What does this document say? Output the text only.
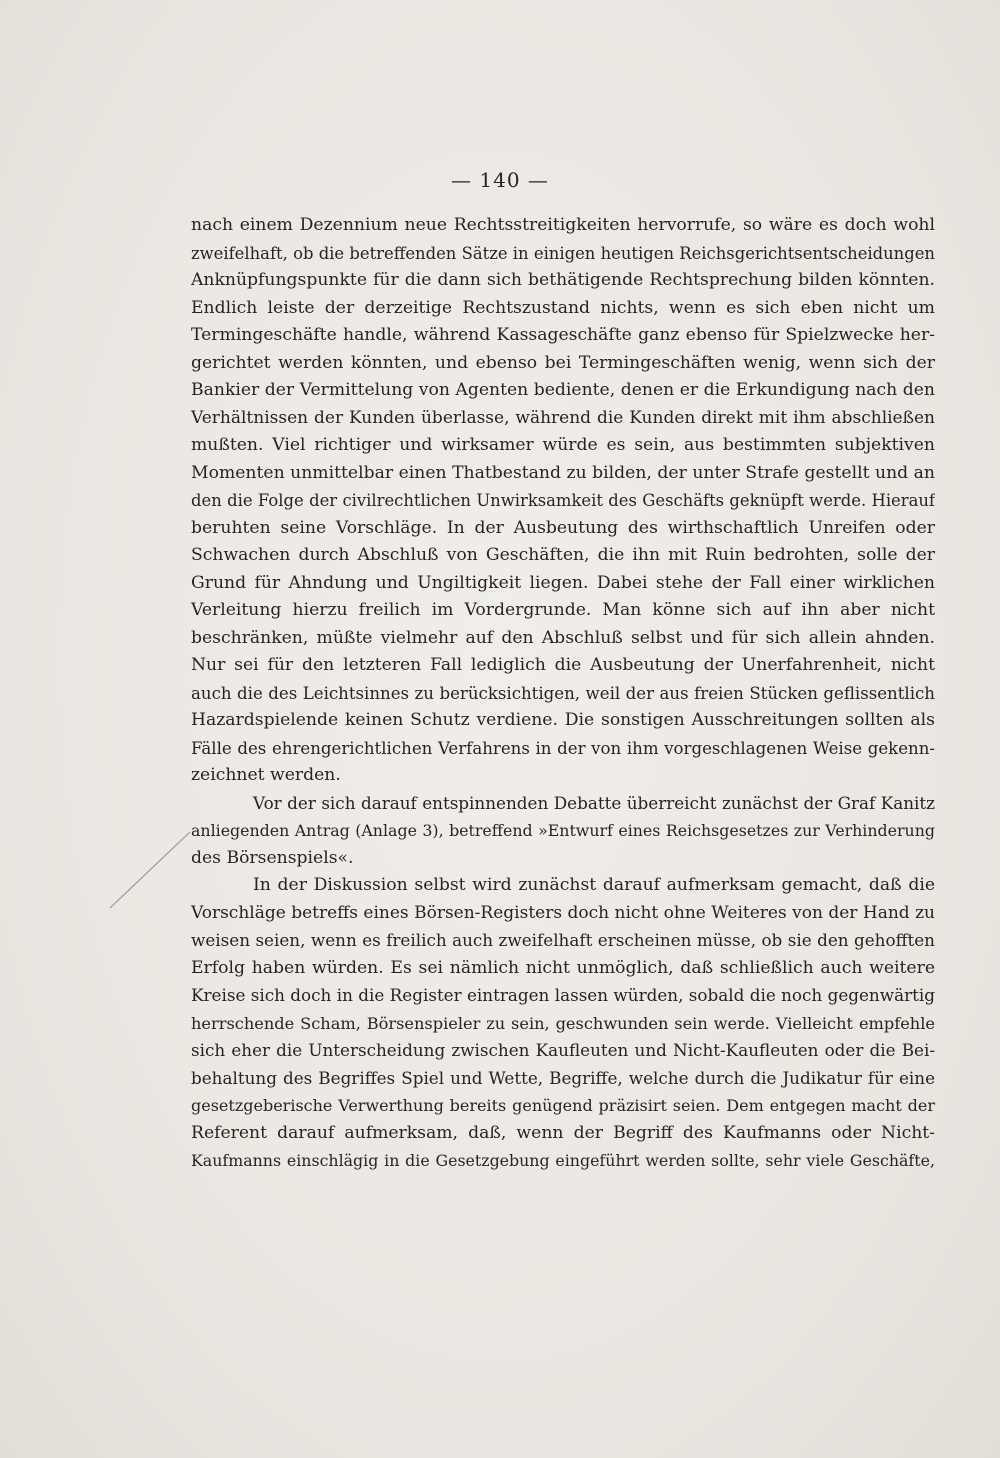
— 140 —
nach einem Dezennium neue Rechtsstreitigkeiten hervorrufe, so wäre es doch wohl
zweifelhaft, ob die betreffenden Sätze in einigen heutigen Reichsgerichtsentscheidungen
Anknüpfungspunkte für die dann sich bethätigende Rechtsprechung bilden könnten.
Endlich leiste der derzeitige Rechtszustand nichts, wenn es sich eben nicht um
Termingeschäfte handle, während Kassageschäfte ganz ebenso für Spielzwecke her-
gerichtet werden könnten, und ebenso bei Termingeschäften wenig, wenn sich der
Bankier der Vermittelung von Agenten bediente, denen er die Erkundigung nach den
Verhältnissen der Kunden überlasse, während die Kunden direkt mit ihm abschließen
mußten. Viel richtiger und wirksamer würde es sein, aus bestimmten subjektiven
Momenten unmittelbar einen Thatbestand zu bilden, der unter Strafe gestellt und an
den die Folge der civilrechtlichen Unwirksamkeit des Geschäfts geknüpft werde. Hierauf
beruhten seine Vorschläge. In der Ausbeutung des wirthschaftlich Unreifen oder
Schwachen durch Abschluß von Geschäften, die ihn mit Ruin bedrohten, solle der
Grund für Ahndung und Ungiltigkeit liegen. Dabei stehe der Fall einer wirklichen
Verleitung hierzu freilich im Vordergrunde. Man könne sich auf ihn aber nicht
beschränken, müßte vielmehr auf den Abschluß selbst und für sich allein ahnden.
Nur sei für den letzteren Fall lediglich die Ausbeutung der Unerfahrenheit, nicht
auch die des Leichtsinnes zu berücksichtigen, weil der aus freien Stücken geflissentlich
Hazardspielende keinen Schutz verdiene. Die sonstigen Ausschreitungen sollten als
Fälle des ehrengerichtlichen Verfahrens in der von ihm vorgeschlagenen Weise gekenn-
zeichnet werden.
Vor der sich darauf entspinnenden Debatte überreicht zunächst der Graf Kanitz
anliegenden Antrag (Anlage 3), betreffend »Entwurf eines Reichsgesetzes zur Verhinderung
des Börsenspiels«.
In der Diskussion selbst wird zunächst darauf aufmerksam gemacht, daß die
Vorschläge betreffs eines Börsen-Registers doch nicht ohne Weiteres von der Hand zu
weisen seien, wenn es freilich auch zweifelhaft erscheinen müsse, ob sie den gehofften
Erfolg haben würden. Es sei nämlich nicht unmöglich, daß schließlich auch weitere
Kreise sich doch in die Register eintragen lassen würden, sobald die noch gegenwärtig
herrschende Scham, Börsenspieler zu sein, geschwunden sein werde. Vielleicht empfehle
sich eher die Unterscheidung zwischen Kaufleuten und Nicht-Kaufleuten oder die Bei-
behaltung des Begriffes Spiel und Wette, Begriffe, welche durch die Judikatur für eine
gesetzgeberische Verwerthung bereits genügend präzisirt seien. Dem entgegen macht der
Referent darauf aufmerksam, daß, wenn der Begriff des Kaufmanns oder Nicht-
Kaufmanns einschlägig in die Gesetzgebung eingeführt werden sollte, sehr viele Geschäfte,
